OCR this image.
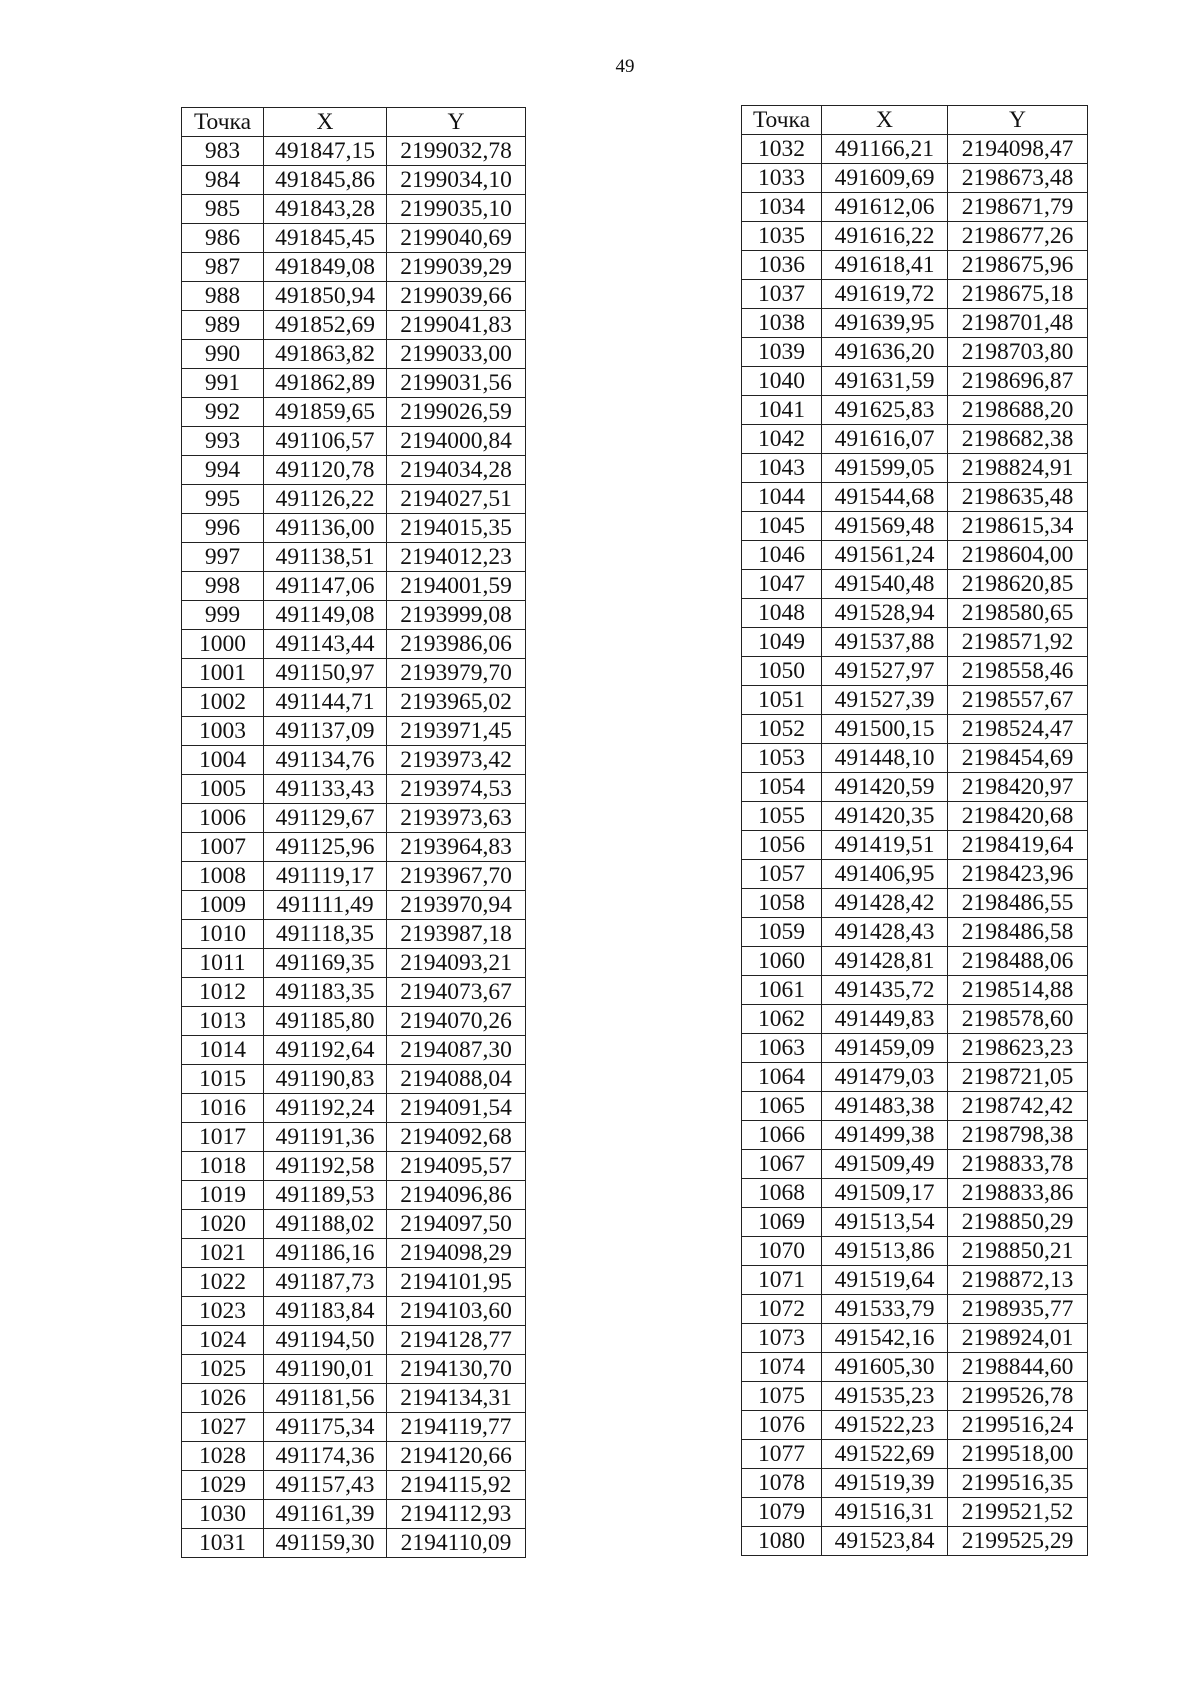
49
Точка	X	Y
983	491847,15	2199032,78
984	491845,86	2199034,10
985	491843,28	2199035,10
986	491845,45	2199040,69
987	491849,08	2199039,29
988	491850,94	2199039,66
989	491852,69	2199041,83
990	491863,82	2199033,00
991	491862,89	2199031,56
992	491859,65	2199026,59
993	491106,57	2194000,84
994	491120,78	2194034,28
995	491126,22	2194027,51
996	491136,00	2194015,35
997	491138,51	2194012,23
998	491147,06	2194001,59
999	491149,08	2193999,08
1000	491143,44	2193986,06
1001	491150,97	2193979,70
1002	491144,71	2193965,02
1003	491137,09	2193971,45
1004	491134,76	2193973,42
1005	491133,43	2193974,53
1006	491129,67	2193973,63
1007	491125,96	2193964,83
1008	491119,17	2193967,70
1009	491111,49	2193970,94
1010	491118,35	2193987,18
1011	491169,35	2194093,21
1012	491183,35	2194073,67
1013	491185,80	2194070,26
1014	491192,64	2194087,30
1015	491190,83	2194088,04
1016	491192,24	2194091,54
1017	491191,36	2194092,68
1018	491192,58	2194095,57
1019	491189,53	2194096,86
1020	491188,02	2194097,50
1021	491186,16	2194098,29
1022	491187,73	2194101,95
1023	491183,84	2194103,60
1024	491194,50	2194128,77
1025	491190,01	2194130,70
1026	491181,56	2194134,31
1027	491175,34	2194119,77
1028	491174,36	2194120,66
1029	491157,43	2194115,92
1030	491161,39	2194112,93
1031	491159,30	2194110,09
Точка	X	Y
1032	491166,21	2194098,47
1033	491609,69	2198673,48
1034	491612,06	2198671,79
1035	491616,22	2198677,26
1036	491618,41	2198675,96
1037	491619,72	2198675,18
1038	491639,95	2198701,48
1039	491636,20	2198703,80
1040	491631,59	2198696,87
1041	491625,83	2198688,20
1042	491616,07	2198682,38
1043	491599,05	2198824,91
1044	491544,68	2198635,48
1045	491569,48	2198615,34
1046	491561,24	2198604,00
1047	491540,48	2198620,85
1048	491528,94	2198580,65
1049	491537,88	2198571,92
1050	491527,97	2198558,46
1051	491527,39	2198557,67
1052	491500,15	2198524,47
1053	491448,10	2198454,69
1054	491420,59	2198420,97
1055	491420,35	2198420,68
1056	491419,51	2198419,64
1057	491406,95	2198423,96
1058	491428,42	2198486,55
1059	491428,43	2198486,58
1060	491428,81	2198488,06
1061	491435,72	2198514,88
1062	491449,83	2198578,60
1063	491459,09	2198623,23
1064	491479,03	2198721,05
1065	491483,38	2198742,42
1066	491499,38	2198798,38
1067	491509,49	2198833,78
1068	491509,17	2198833,86
1069	491513,54	2198850,29
1070	491513,86	2198850,21
1071	491519,64	2198872,13
1072	491533,79	2198935,77
1073	491542,16	2198924,01
1074	491605,30	2198844,60
1075	491535,23	2199526,78
1076	491522,23	2199516,24
1077	491522,69	2199518,00
1078	491519,39	2199516,35
1079	491516,31	2199521,52
1080	491523,84	2199525,29
